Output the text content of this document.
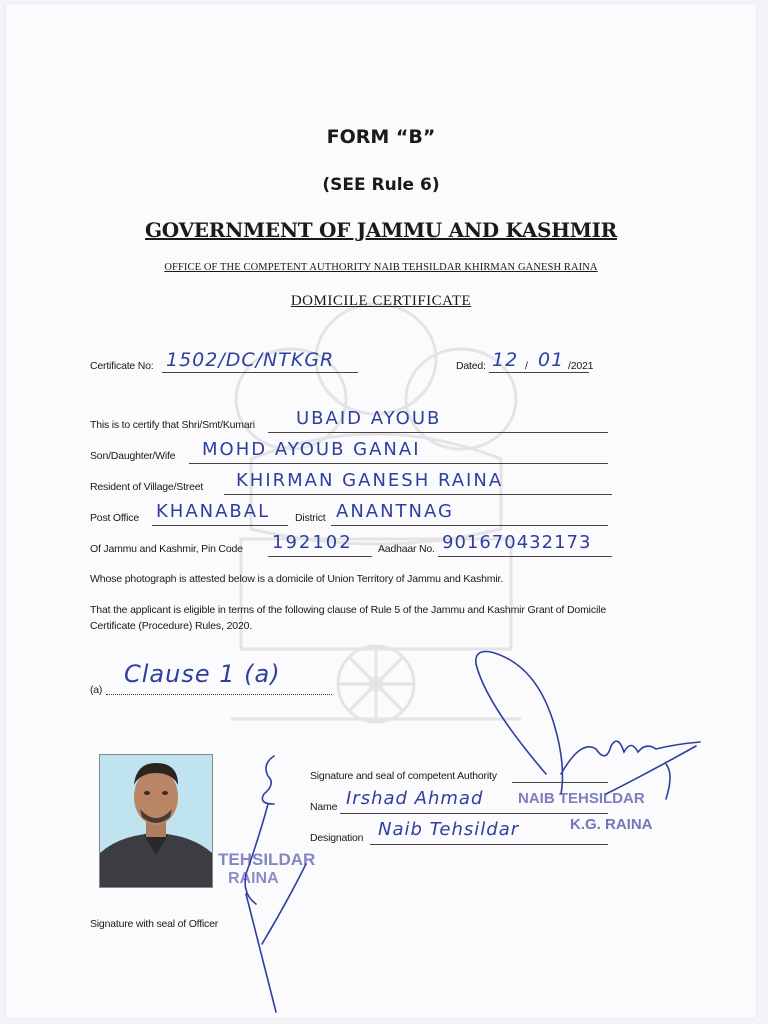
FORM “B”
(SEE Rule 6)
GOVERNMENT OF JAMMU AND KASHMIR
OFFICE OF THE COMPETENT AUTHORITY NAIB TEHSILDAR KHIRMAN GANESH RAINA
DOMICILE CERTIFICATE
Certificate No: 1502/DC/NTKGR	Dated: 12 / 01 /2021
This is to certify that Shri/Smt/Kumari UBAID AYOUB
Son/Daughter/Wife MOHD AYOUB GANAI
Resident of Village/Street KHIRMAN GANESH RAINA
Post Office KHANABAL District ANANTNAG
Of Jammu and Kashmir, Pin Code 192102 Aadhaar No. 901670432173
Whose photograph is attested below is a domicile of Union Territory of Jammu and Kashmir.
That the applicant is eligible in terms of the following clause of Rule 5 of the Jammu and Kashmir Grant of Domicile
Certificate (Procedure) Rules, 2020.
(a)
Clause 1 (a)
TEHSILDAR
RAINA
Signature and seal of competent Authority
Name Irshad Ahmad
Designation Naib Tehsildar
NAIB TEHSILDAR
K.G. RAINA
Signature with seal of Officer
